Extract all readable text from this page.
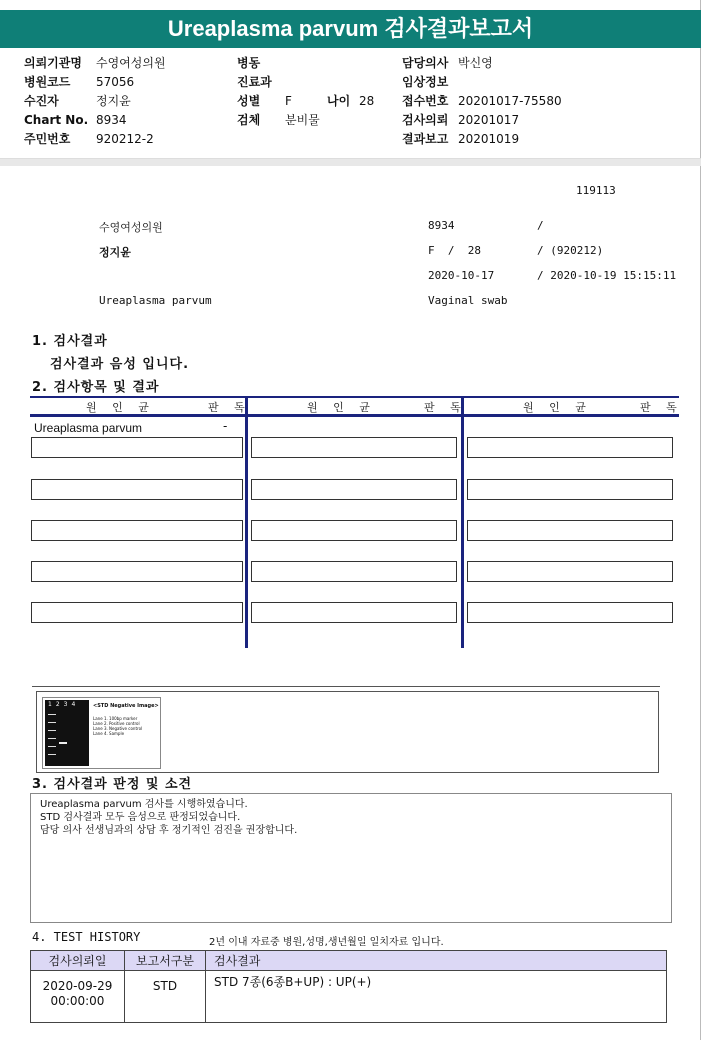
Ureaplasma parvum 검사결과보고서
의뢰기관명 수영여성의원
병원코드 57056
수진자	정지윤
Chart No. 8934
주민번호 920212-2
병동
진료과
성별 F	나이 28
검체 분비물
담당의사 박신영
임상정보
접수번호 20201017-75580
검사의뢰 20201017
결과보고 20201019
119113
수영여성의원	8934	/
정지윤	F  /  28	/ (920212)
2020-10-17	/ 2020-10-19 15:15:11
Ureaplasma parvum	Vaginal swab
1. 검사결과
검사결과 음성 입니다.
2. 검사항목 및 결과
원 인 균	판 독	원 인 균	판 독	원 인 균	판 독
Ureaplasma parvum	-
1234	<STD Negative Image>
Lane 1. 100bp marker
Lane 2. Positive control
Lane 3. Negative control
Lane 4. Sample
3. 검사결과 판정 및 소견
Ureaplasma parvum 검사를 시행하였습니다.
STD 검사결과 모두 음성으로 판정되었습니다.
담당 의사 선생님과의 상담 후 정기적인 검진을 권장합니다.
4. TEST HISTORY	2년 이내 자료중 병원,성명,생년월일 일치자료 입니다.
검사의뢰일	보고서구분	검사결과

2020-09-29
00:00:00	STD	STD 7종(6종B+UP) : UP(+)
